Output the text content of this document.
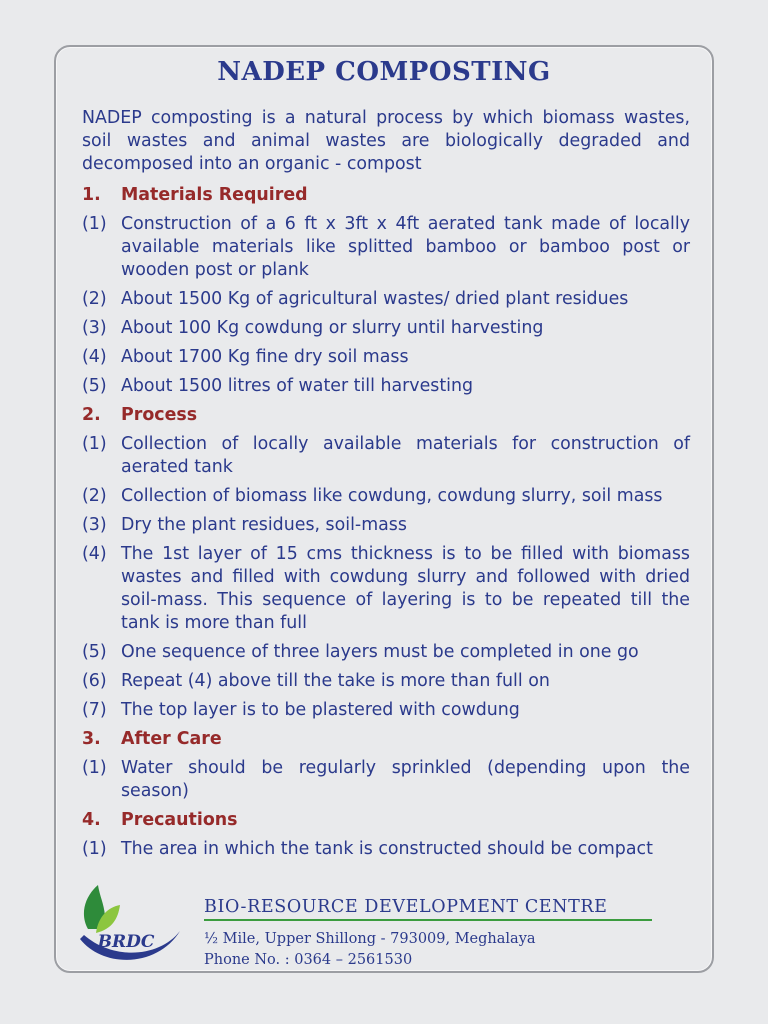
NADEP COMPOSTING
NADEP composting is a natural process by which biomass wastes, soil wastes and animal wastes are biologically degraded and decomposed into an organic - compost
1.	Materials Required
(1) Construction of a 6 ft x 3ft x 4ft aerated tank made of locally available materials like splitted bamboo or bamboo post or wooden post or plank
(2) About 1500 Kg of agricultural wastes/ dried plant residues
(3) About 100 Kg cowdung or slurry until harvesting
(4) About 1700 Kg fine dry soil mass
(5) About 1500 litres of water till harvesting
2.	Process
(1) Collection of locally available materials for construction of aerated tank
(2) Collection of biomass like cowdung, cowdung slurry, soil mass
(3) Dry the plant residues, soil-mass
(4) The 1st layer of 15 cms thickness is to be filled with biomass wastes and filled with cowdung slurry and followed with dried soil-mass. This sequence of layering is to be repeated till the tank is more than full
(5) One sequence of three layers must be completed in one go
(6) Repeat (4) above till the take is more than full on
(7) The top layer is to be plastered with cowdung
3.	After Care
(1) Water should be regularly sprinkled (depending upon the season)
4.	Precautions
(1) The area in which the tank is constructed should be compact
BRDC
BIO-RESOURCE DEVELOPMENT CENTRE
½ Mile, Upper Shillong - 793009, Meghalaya
Phone No. : 0364 – 2561530
